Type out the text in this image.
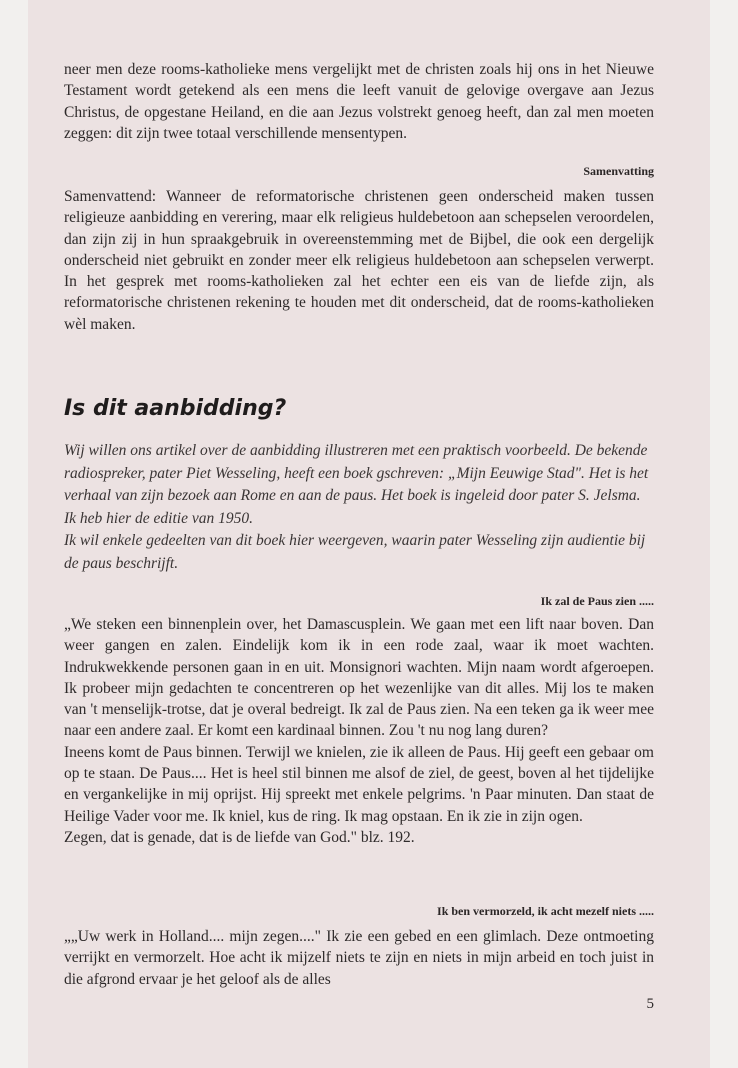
neer men deze rooms-katholieke mens vergelijkt met de christen zoals hij ons in het Nieuwe Testament wordt getekend als een mens die leeft vanuit de gelovige overgave aan Jezus Christus, de opgestane Heiland, en die aan Jezus volstrekt genoeg heeft, dan zal men moeten zeggen: dit zijn twee totaal verschillende mensentypen.

Samenvatting

Samenvattend: Wanneer de reformatorische christenen geen onderscheid maken tussen religieuze aanbidding en verering, maar elk religieus huldebetoon aan schepselen veroordelen, dan zijn zij in hun spraakgebruik in overeenstemming met de Bijbel, die ook een dergelijk onderscheid niet gebruikt en zonder meer elk religieus huldebetoon aan schepselen verwerpt. In het gesprek met rooms-katholieken zal het echter een eis van de liefde zijn, als reformatorische christenen rekening te houden met dit onderscheid, dat de rooms-katholieken wèl maken.

Is dit aanbidding?

Wij willen ons artikel over de aanbidding illustreren met een praktisch voorbeeld. De bekende radiospreker, pater Piet Wesseling, heeft een boek gschreven: „Mijn Eeuwige Stad". Het is het verhaal van zijn bezoek aan Rome en aan de paus. Het boek is ingeleid door pater S. Jelsma.

Ik heb hier de editie van 1950.

Ik wil enkele gedeelten van dit boek hier weergeven, waarin pater Wesseling zijn audientie bij de paus beschrijft.

Ik zal de Paus zien .....

„We steken een binnenplein over, het Damascusplein. We gaan met een lift naar boven. Dan weer gangen en zalen. Eindelijk kom ik in een rode zaal, waar ik moet wachten. Indrukwekkende personen gaan in en uit. Monsignori wachten. Mijn naam wordt afgeroepen. Ik probeer mijn gedachten te concentreren op het wezenlijke van dit alles. Mij los te maken van 't menselijk-trotse, dat je overal bedreigt. Ik zal de Paus zien. Na een teken ga ik weer mee naar een andere zaal. Er komt een kardinaal binnen. Zou 't nu nog lang duren?

Ineens komt de Paus binnen. Terwijl we knielen, zie ik alleen de Paus. Hij geeft een gebaar om op te staan. De Paus.... Het is heel stil binnen me alsof de ziel, de geest, boven al het tijdelijke en vergankelijke in mij oprijst. Hij spreekt met enkele pelgrims. 'n Paar minuten. Dan staat de Heilige Vader voor me. Ik kniel, kus de ring. Ik mag opstaan. En ik zie in zijn ogen.

Zegen, dat is genade, dat is de liefde van God." blz. 192.

Ik ben vermorzeld, ik acht mezelf niets .....

„„Uw werk in Holland.... mijn zegen...." Ik zie een gebed en een glimlach. Deze ontmoeting verrijkt en vermorzelt. Hoe acht ik mijzelf niets te zijn en niets in mijn arbeid en toch juist in die afgrond ervaar je het geloof als de alles

5
